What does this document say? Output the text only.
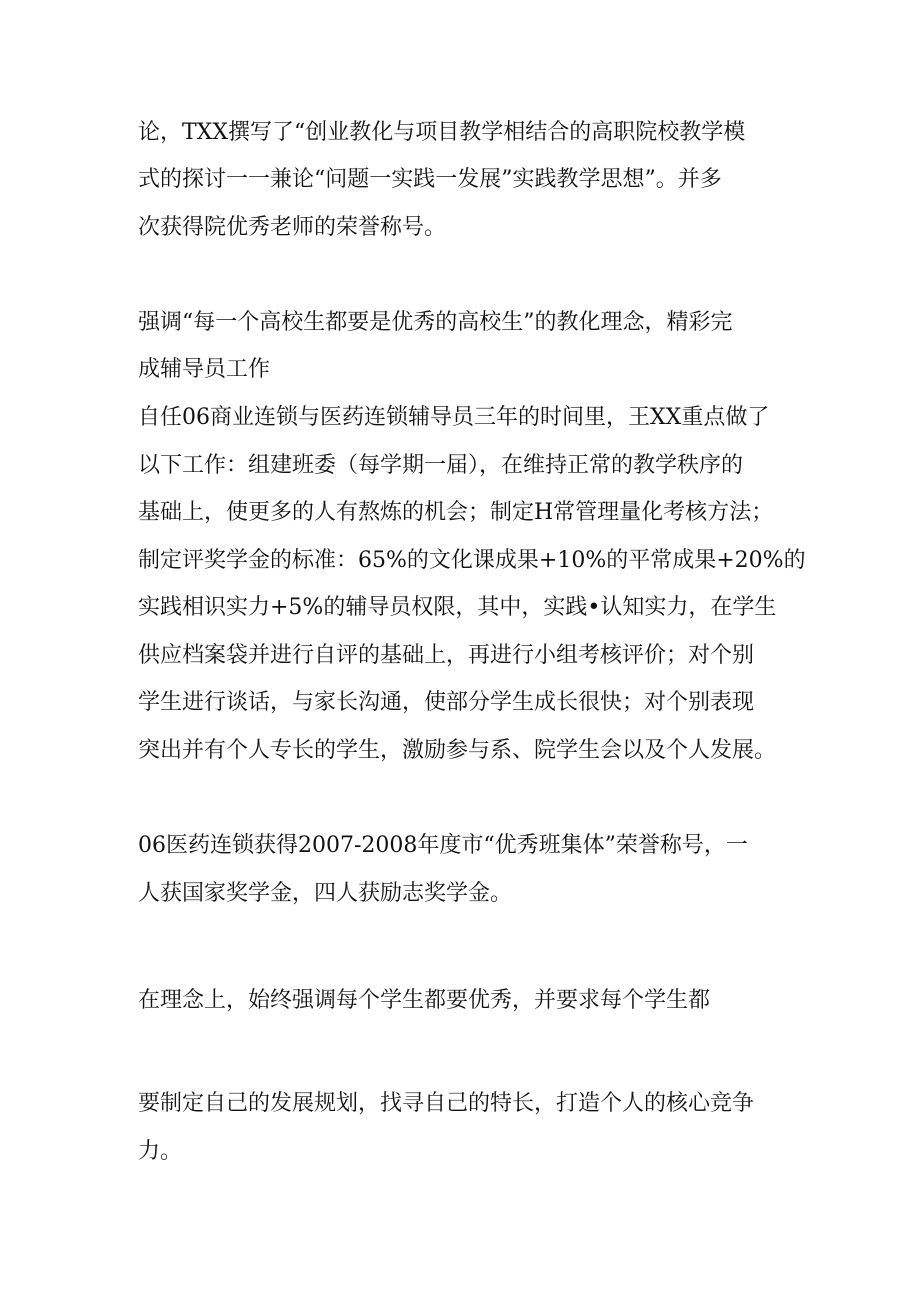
论，TXX撰写了“创业教化与项目教学相结合的高职院校教学模

式的探讨一一兼论“问题一实践一发展”实践教学思想”。并多

次获得院优秀老师的荣誉称号。

强调“每一个高校生都要是优秀的高校生”的教化理念，精彩完

成辅导员工作

自任06商业连锁与医药连锁辅导员三年的时间里，王XX重点做了

以下工作：组建班委（每学期一届），在维持正常的教学秩序的

基础上，使更多的人有熬炼的机会；制定H常管理量化考核方法；

制定评奖学金的标准：65%的文化课成果+10%的平常成果+20%的

实践相识实力+5%的辅导员权限，其中，实践•认知实力，在学生

供应档案袋并进行自评的基础上，再进行小组考核评价；对个别

学生进行谈话，与家长沟通，使部分学生成长很快；对个别表现

突出并有个人专长的学生，激励参与系、院学生会以及个人发展。

06医药连锁获得2007-2008年度市“优秀班集体”荣誉称号，一

人获国家奖学金，四人获励志奖学金。

在理念上，始终强调每个学生都要优秀，并要求每个学生都

要制定自己的发展规划，找寻自己的特长，打造个人的核心竞争

力。
